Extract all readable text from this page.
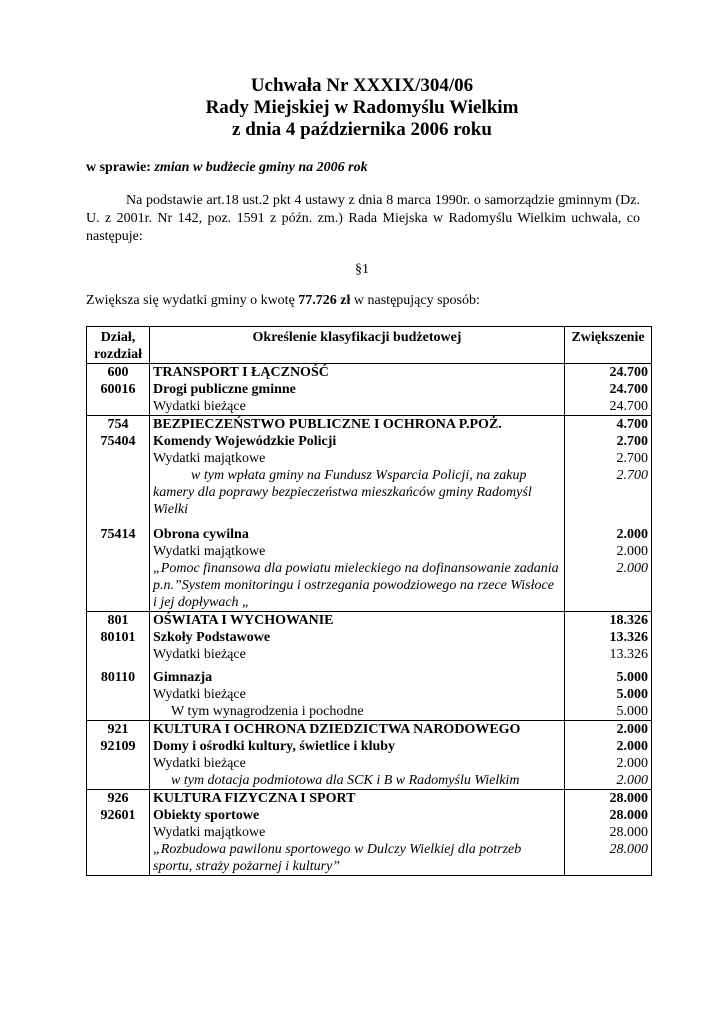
Uchwała Nr XXXIX/304/06
Rady Miejskiej w Radomyślu Wielkim
z dnia 4 października 2006 roku
w sprawie: zmian w budżecie gminy na 2006 rok
Na podstawie art.18 ust.2 pkt 4 ustawy z dnia 8 marca 1990r. o samorządzie gminnym (Dz. U. z 2001r. Nr 142, poz. 1591 z późn. zm.) Rada Miejska w Radomyślu Wielkim uchwala, co następuje:
§1
Zwiększa się wydatki gminy o kwotę 77.726 zł w następujący sposób:
Dział, rozdział	Określenie klasyfikacji budżetowej	Zwiększenie
600	TRANSPORT I ŁĄCZNOŚĆ	24.700
60016	Drogi publiczne gminne	24.700
	Wydatki bieżące	24.700
754	BEZPIECZEŃSTWO PUBLICZNE I OCHRONA P.POŻ.	4.700
75404	Komendy Wojewódzkie Policji	2.700
	Wydatki majątkowe	2.700
	w tym wpłata gminy na Fundusz Wsparcia Policji, na zakup kamery dla poprawy bezpieczeństwa mieszkańców gminy Radomyśl Wielki	2.700
75414	Obrona cywilna	2.000
	Wydatki majątkowe	2.000
	„Pomoc finansowa dla powiatu mieleckiego na dofinansowanie zadania p.n.”System monitoringu i ostrzegania powodziowego na rzece Wisłoce i jej dopływach „	2.000
801	OŚWIATA I WYCHOWANIE	18.326
80101	Szkoły Podstawowe	13.326
	Wydatki bieżące	13.326
80110	Gimnazja	5.000
	Wydatki bieżące	5.000
	W tym wynagrodzenia i pochodne	5.000
921	KULTURA I OCHRONA DZIEDZICTWA NARODOWEGO	2.000
92109	Domy i ośrodki kultury, świetlice i kluby	2.000
	Wydatki bieżące	2.000
	w tym dotacja podmiotowa dla SCK i B w Radomyślu Wielkim	2.000
926	KULTURA FIZYCZNA I SPORT	28.000
92601	Obiekty sportowe	28.000
	Wydatki majątkowe	28.000
	„Rozbudowa pawilonu sportowego w Dulczy Wielkiej dla potrzeb sportu, straży pożarnej i kultury”	28.000
